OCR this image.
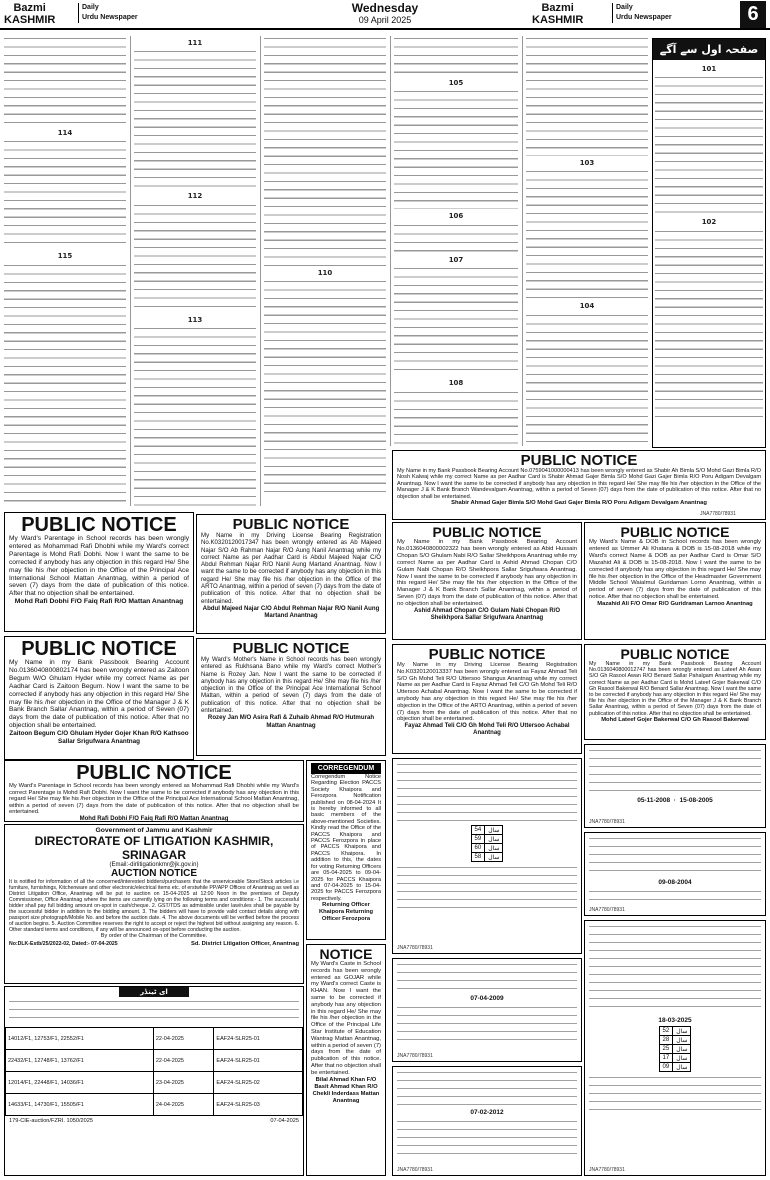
Bazmi
KASHMIR
Daily
Urdu Newspaper
Wednesday
09 April 2025
Bazmi
KASHMIR
Daily
Urdu Newspaper	6
114
115
111
112
113
110
105
106
107
108
103
104
صفحہ اول سے آگے
101
102
PUBLIC NOTICE
My Name in my Bank Passbook Bearing Account No.0759041000000413 has been wrongly entered as Shabir Ah Bimla S/O Mohd Gazi Bimla R/O Nosh Kalwaj while my correct Name as per Aadhar Card is Shabir Ahmad Gajer Bimla S/O Mohd Gazi Gajer Bimla R/O Poru Adigam Devalgam Anantnag. Now I want the same to be corrected if anybody has any objection in this regard He/ She may file his /her objection in the Office of the Manager J & K Bank Branch Wandevalgam Anantnag, within a period of Seven (07) days from the date of publication of this notice. After that no objection shall be entertained.
Shabir Ahmad Gajer Bimla S/O Mohd Gazi Gajer Bimla R/O Poru Adigam Devalgam Anantnag
JNA7780/78931
PUBLIC NOTICE
My Ward's Parentage in School records has been wrongly entered as Mohammad Rafi Dhobhi while my Ward's correct Parentage is Mohd Rafi Dobhi. Now I want the same to be corrected if anybody has any objection in this regard He/ She may file his /her objection in the Office of the Principal Ace International School Mattan Anantnag, within a period of seven (7) days from the date of publication of this notice. After that no objection shall be entertained.
Mohd Rafi Dobhi F/O Faiq Rafi R/O Mattan Anantnag
PUBLIC NOTICE
My Name in my Driving License Bearing Registration No.K0320120017347 has been wrongly entered as Ab Majeed Najar S/O Ab Rahman Najar R/O Aung Nanil Anantnag while my correct Name as per Aadhar Card is Abdul Majeed Najar C/O Abdul Rehman Najar R/O Nanil Aung Martand Anantnag. Now I want the same to be corrected if anybody has any objection in this regard He/ She may file his /her objection in the Office of the ARTO Anantnag, within a period of seven (7) days from the date of publication of this notice. After that no objection shall be entertained.
Abdul Majeed Najar C/O Abdul Rehman Najar R/O Nanil Aung Martand Anantnag
PUBLIC NOTICE
My Name in my Bank Passbook Bearing Account No.0136040800002322 has been wrongly entered as Abid Hussain Chopan S/O Ghulam Nabi R/O Sallar Sheikhpora Anantnag while my correct Name as per Aadhar Card is Ashid Ahmad Chopan C/O Gulam Nabi Chopan R/O Sheikhpora Sallar Srigufwara Anantnag. Now I want the same to be corrected if anybody has any objection in this regard He/ She may file his /her objection in the Office of the Manager J & K Bank Branch Sallar Anantnag, within a period of Seven (07) days from the date of publication of this notice. After that no objection shall be entertained.
Ashid Ahmad Chopan C/O Gulam Nabi Chopan R/O Sheikhpora Sallar Srigufwara Anantnag
PUBLIC NOTICE
My Ward's Name & DOB in School records has been wrongly entered as Ummer Ali Khatana & DOB is 15-08-2018 while my Ward's correct Name & DOB as per Aadhar Card is Omar S/O Mazahid Ali & DOB is 15-08-2018. Now I want the same to be corrected if anybody has any objection in this regard He/ She may file his /her objection in the Office of the Headmaster Government Middle School Waialmul Guridaman Lorno Anantnag, within a period of seven (7) days from the date of publication of this notice. After that no objection shall be entertained.
Mazahid Ali F/O Omar R/O Guridraman Larnoo Anantnag
PUBLIC NOTICE
My Name in my Bank Passbook Bearing Account No.0136040800802174 has been wrongly entered as Zaitoon Begum W/O Ghulam Hyder while my correct Name as per Aadhar Card is Zaitoon Begum. Now I want the same to be corrected if anybody has any objection in this regard He/ She may file his /her objection in the Office of the Manager J & K Bank Branch Sallar Anantnag, within a period of Seven (07) days from the date of publication of this notice. After that no objection shall be entertained.
Zaitoon Begum C/O Ghulam Hyder Gojer Khan R/O Kathsoo Sallar Srigufwara Anantnag
PUBLIC NOTICE
My Ward's Mother's Name in School records has been wrongly entered as Rukhsana Bano while my Ward's correct Mother's Name is Rozey Jan. Now I want the same to be corrected if anybody has any objection in this regard He/ She may file his /her objection in the Office of the Principal Ace International School Mattan, within a period of seven (7) days from the date of publication of this notice. After that no objection shall be entertained.
Rozey Jan M/O Asira Rafi & Zuhaib Ahmad R/O Hutmurah Mattan Anantnag
PUBLIC NOTICE
My Name in my Driving License Bearing Registration No.K0320120013337 has been wrongly entered as Fayaz Ahmad Teli S/O Gh Mohd Teli R/O Uttersoo Shangus Anantnag while my correct Name as per Aadhar Card is Fayaz Ahmad Teli C/O Gh Mohd Teli R/O Uttersoo Achabal Anantnag. Now I want the same to be corrected if anybody has any objection in this regard He/ She may file his /her objection in the Office of the ARTO Anantnag, within a period of seven (7) days from the date of publication of this notice. After that no objection shall be entertained.
Fayaz Ahmad Teli C/O Gh Mohd Teli R/O Uttersoo Achabal Anantnag
PUBLIC NOTICE
My Name in my Bank Passbook Bearing Account No.0136040800012747 has been wrongly entered as Lateef Ah Awan S/O Gh Rasool Awan R/O Benard Sallar Pahalgam Anantnag while my correct Name as per Aadhar Card is Mohd Lateef Gojer Bakerwal C/O Gh Rasool Bakerwal R/O Benard Sallar Anantnag. Now I want the same to be corrected if anybody has any objection in this regard He/ She may file his /her objection in the Office of the Manager J & K Bank Branch Sallar Anantnag, within a period of Seven (07) days from the date of publication of this notice. After that no objection shall be entertained.
Mohd Lateef Gojer Bakerwal C/O Gh Rasool Bakerwal
PUBLIC NOTICE
My Ward's Parentage in School records has been wrongly entered as Mohammad Rafi Dhobhi while my Ward's correct Parentage is Mohd Rafi Dobhi. Now I want the same to be corrected if anybody has any objection in this regard He/ She may file his /her objection in the Office of the Principal Ace International School Mattan Anantnag, within a period of seven (7) days from the date of publication of this notice. After that no objection shall be entertained.
Mohd Rafi Dobhi F/O Faiq Rafi R/O Mattan Anantnag
CORREGENDUM
Corregendum Notice Regarding Election PACCS Society Khaipora and Ferozpora Notification published on 08-04-2024 It is hereby informed to all basic members of the above-mentioned Societies. Kindly read the Office of the PACCS Khaipora and PACCS Ferozpora in place of PACCS Khaipora and PACCS Khaipora. In addition to this, the dates for voting Returning Officers are 05-04-2025 to 09-04-2025 for PACCS Khaipora and 07-04-2025 to 15-04-2025 for PACCS Ferozpora respectively.
Returning Officer Khaipora Returning Officer Ferozpora
Government of Jammu and Kashmir
DIRECTORATE OF LITIGATION KASHMIR, SRINAGAR
(Email:-dirlitigationkmr@jk.gov.in)
AUCTION NOTICE
It is notified for information of all the concerned/interested bidders/purchasers that the unserviceable Store/Stock articles i.e furniture, furnishings, Kitchenware and other electronic/electrical items etc. of erstwhile PP/APP Offices of Anantnag as well as District Litigation Office, Anantnag will be put to auction on 15-04-2025 at 12:00 Noon in the premises of Deputy Commissioner, Office Anantnag where the items are currently lying on the following terms and conditions:- 1. The successful bidder shall pay full bidding amount on-spot in cash/cheque. 2. GST/TDS as admissible under law/rules shall be payable by the successful bidder in addition to the bidding amount. 3. The bidders will have to provide valid contact details along with passport size photograph/Mobile No. and before the auction date. 4. The above documents will be verified before the process of auction begins. 5. Auction Committee reserves the right to accept or reject the highest bid without assigning any reason. 6. Other standard terms and conditions, if any will be announced on-spot before conducting the auction.
By order of the Chairman of the Committee.
No:DLK-Estb/25/2022-02, Dated:- 07-04-2025	Sd. District Litigation Officer, Anantnag
ای ٹینڈر
14012/F1, 12753/F1, 22552/F1	22-04-2025	EAF24-SLR25-01
22432/F1, 12748/F1, 13762/F1	22-04-2025	EAF24-SLR25-01
12014/F1, 22448/F1, 14036/F1	23-04-2025	EAF24-SLR25-02
14633/F1, 14730/F1, 15505/F1	24-04-2025	EAF24-SLR25-03
179-CIE-auction/FZRI. 1050/2025	07-04-2025
NOTICE
My Ward's Caste in School records has been wrongly entered as GOJAR while my Ward's correct Caste is KHAN. Now I want the same to be corrected if anybody has any objection in this regard He/ She may file his /her objection in the Office of the Principal Life Star Institute of Education Wantrag Mattan Anantnag, within a period of seven (7) days from the date of publication of this notice. After that no objection shall be entertained.
Bilal Ahmad Khan F/O Basit Ahmad Khan R/O Chekli Inderdass Mattan Anantnag
54	سال
59	سال
60	سال
58	سال
JNA7780/78931
05-11-2008  ·  15-08-2005
JNA7780/78931
07-04-2009
JNA7780/78931
09-08-2004
JNA7780/78931
07-02-2012
JNA7780/78931
18-03-2025
52	سال
28	سال
25	سال
17	سال
09	سال
JNA7780/78931
